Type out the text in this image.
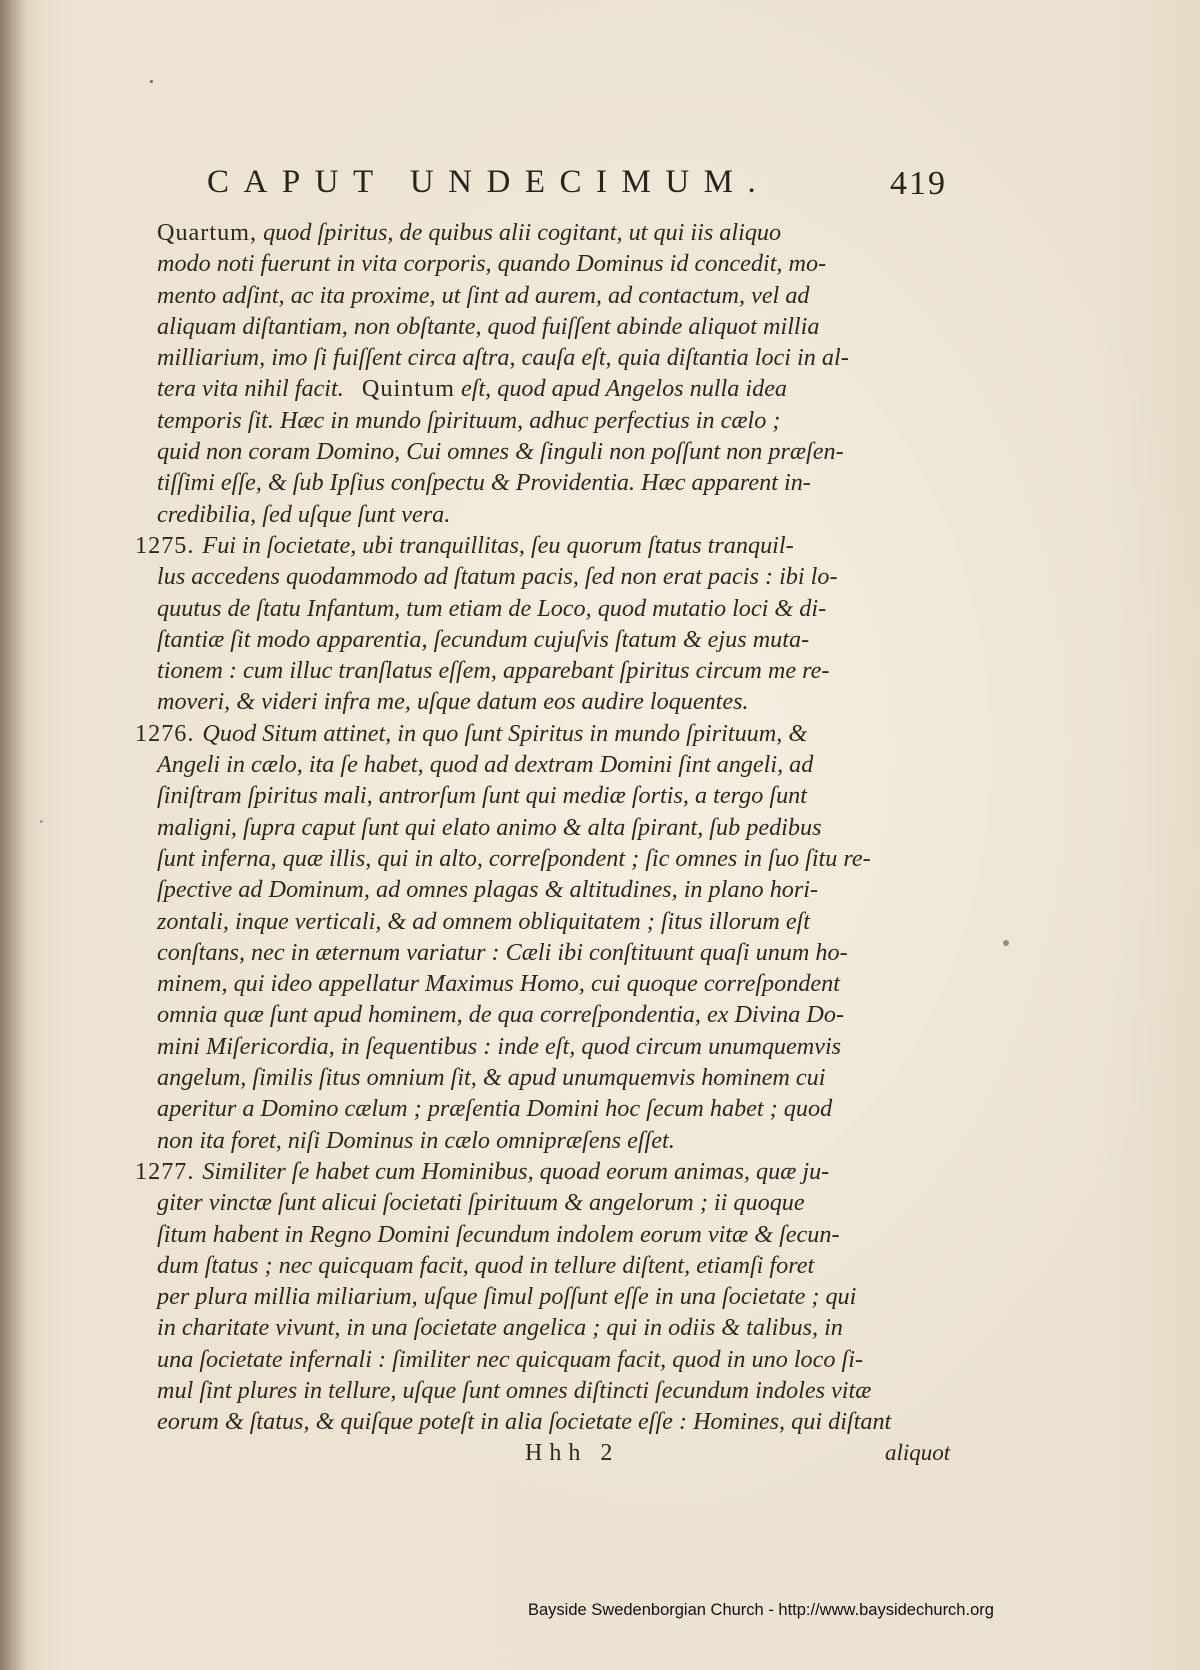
CAPUT UNDECIMUM.	419
Quartum, quod ſpiritus, de quibus alii cogitant, ut qui iis aliquo
modo noti fuerunt in vita corporis, quando Dominus id concedit, mo-
mento adſint, ac ita proxime, ut ſint ad aurem, ad contactum, vel ad
aliquam diſtantiam, non obſtante, quod fuiſſent abinde aliquot millia
milliarium, imo ſi fuiſſent circa aſtra, cauſa eſt, quia diſtantia loci in al-
tera vita nihil facit. Quintum eſt, quod apud Angelos nulla idea
temporis ſit. Hæc in mundo ſpirituum, adhuc perfectius in cælo ;
quid non coram Domino, Cui omnes & ſinguli non poſſunt non præſen-
tiſſimi eſſe, & ſub Ipſius conſpectu & Providentia. Hæc apparent in-
credibilia, ſed uſque ſunt vera.
1275. Fui in ſocietate, ubi tranquillitas, ſeu quorum ſtatus tranquil-
lus accedens quodammodo ad ſtatum pacis, ſed non erat pacis : ibi lo-
quutus de ſtatu Infantum, tum etiam de Loco, quod mutatio loci & di-
ſtantiæ ſit modo apparentia, ſecundum cujuſvis ſtatum & ejus muta-
tionem : cum illuc tranſlatus eſſem, apparebant ſpiritus circum me re-
moveri, & videri infra me, uſque datum eos audire loquentes.
1276. Quod Situm attinet, in quo ſunt Spiritus in mundo ſpirituum, &
Angeli in cælo, ita ſe habet, quod ad dextram Domini ſint angeli, ad
ſiniſtram ſpiritus mali, antrorſum ſunt qui mediæ ſortis, a tergo ſunt
maligni, ſupra caput ſunt qui elato animo & alta ſpirant, ſub pedibus
ſunt inferna, quæ illis, qui in alto, correſpondent ; ſic omnes in ſuo ſitu re-
ſpective ad Dominum, ad omnes plagas & altitudines, in plano hori-
zontali, inque verticali, & ad omnem obliquitatem ; ſitus illorum eſt
conſtans, nec in æternum variatur : Cæli ibi conſtituunt quaſi unum ho-
minem, qui ideo appellatur Maximus Homo, cui quoque correſpondent
omnia quæ ſunt apud hominem, de qua correſpondentia, ex Divina Do-
mini Miſericordia, in ſequentibus : inde eſt, quod circum unumquemvis
angelum, ſimilis ſitus omnium ſit, & apud unumquemvis hominem cui
aperitur a Domino cælum ; præſentia Domini hoc ſecum habet ; quod
non ita foret, niſi Dominus in cælo omnipræſens eſſet.
1277. Similiter ſe habet cum Hominibus, quoad eorum animas, quæ ju-
giter vinctæ ſunt alicui ſocietati ſpirituum & angelorum ; ii quoque
ſitum habent in Regno Domini ſecundum indolem eorum vitæ & ſecun-
dum ſtatus ; nec quicquam facit, quod in tellure diſtent, etiamſi foret
per plura millia miliarium, uſque ſimul poſſunt eſſe in una ſocietate ; qui
in charitate vivunt, in una ſocietate angelica ; qui in odiis & talibus, in
una ſocietate infernali : ſimiliter nec quicquam facit, quod in uno loco ſi-
mul ſint plures in tellure, uſque ſunt omnes diſtincti ſecundum indoles vitæ
eorum & ſtatus, & quiſque poteſt in alia ſocietate eſſe : Homines, qui diſtant
Hhh 2	aliquot
Bayside Swedenborgian Church - http://www.baysidechurch.org
